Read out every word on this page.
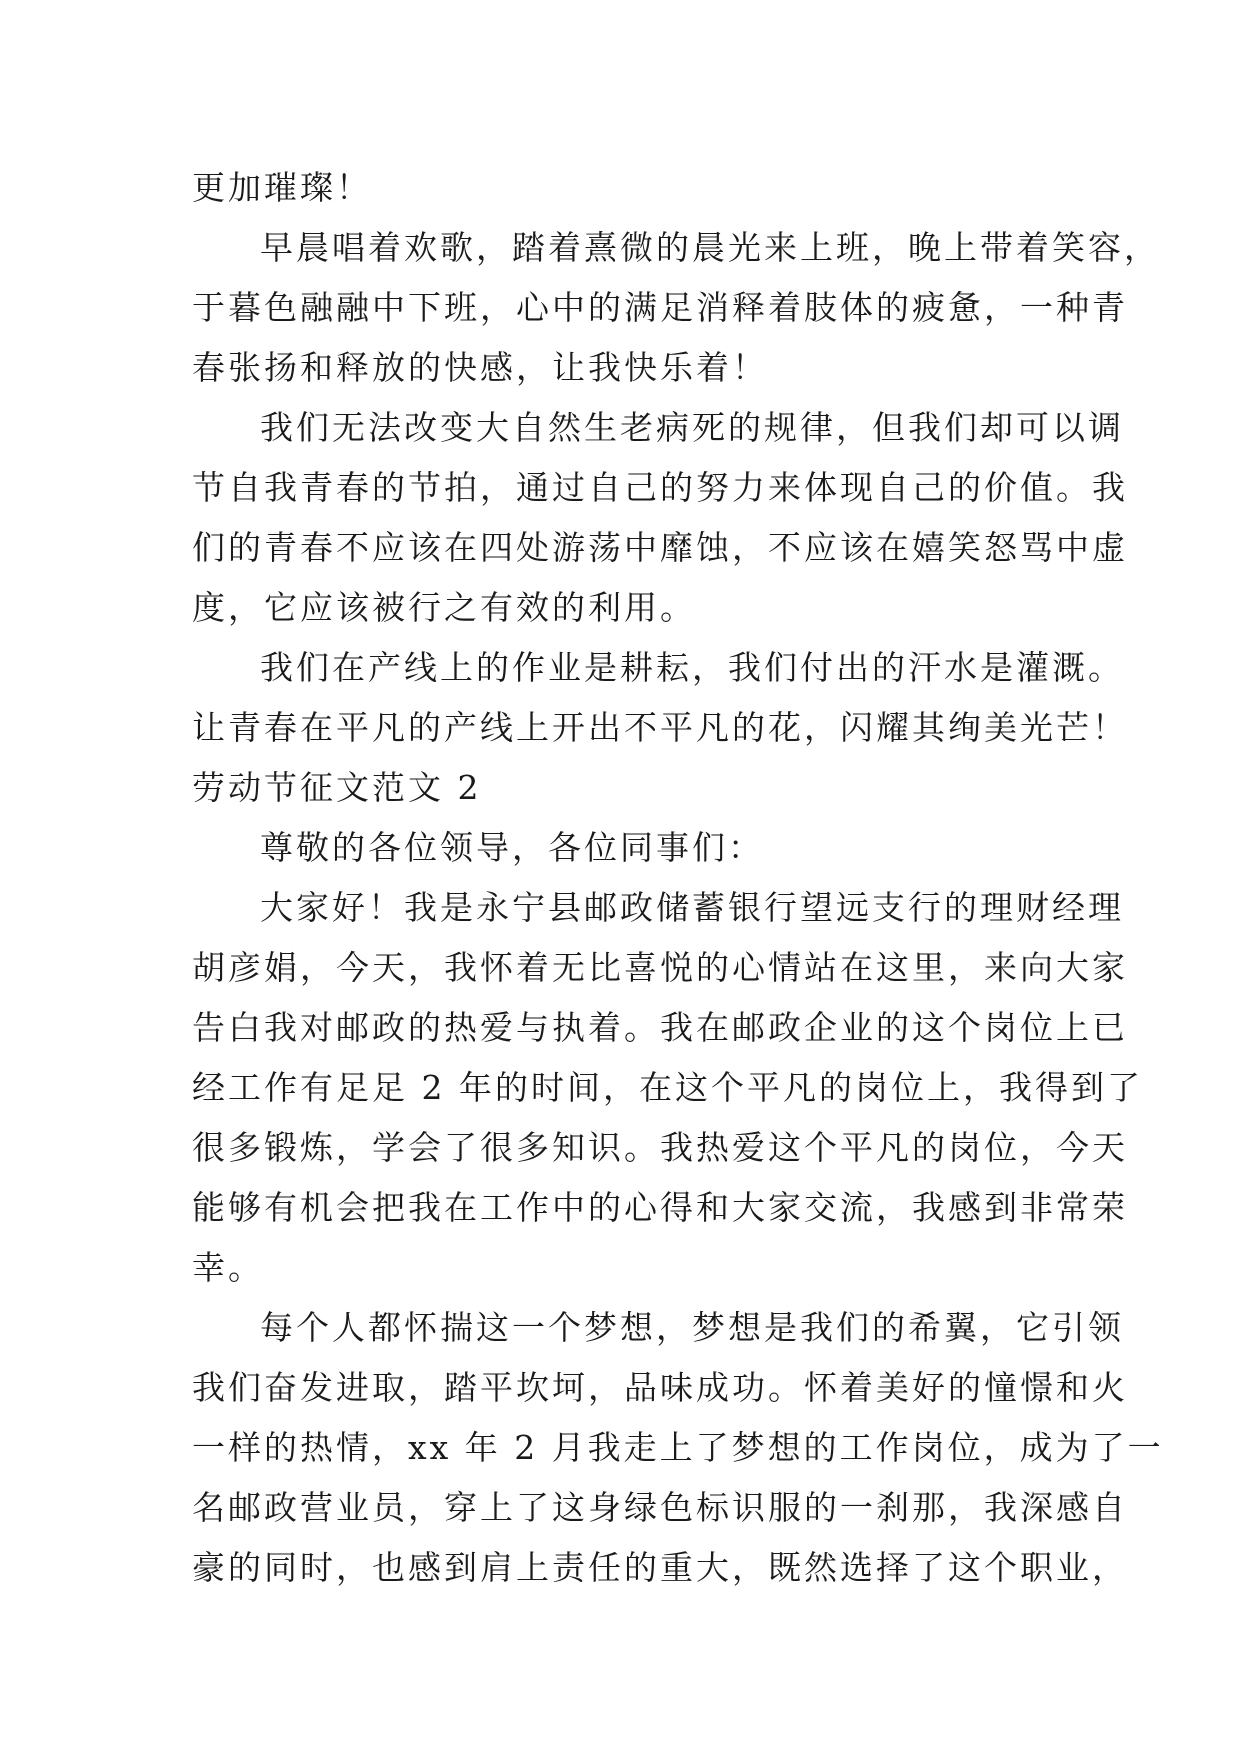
更加璀璨！
早晨唱着欢歌，踏着熹微的晨光来上班，晚上带着笑容，
于暮色融融中下班，心中的满足消释着肢体的疲惫，一种青
春张扬和释放的快感，让我快乐着！
我们无法改变大自然生老病死的规律，但我们却可以调
节自我青春的节拍，通过自己的努力来体现自己的价值。我
们的青春不应该在四处游荡中靡蚀，不应该在嬉笑怒骂中虚
度，它应该被行之有效的利用。
我们在产线上的作业是耕耘，我们付出的汗水是灌溉。
让青春在平凡的产线上开出不平凡的花，闪耀其绚美光芒！
劳动节征文范文 2
尊敬的各位领导，各位同事们：
大家好！我是永宁县邮政储蓄银行望远支行的理财经理
胡彦娟，今天，我怀着无比喜悦的心情站在这里，来向大家
告白我对邮政的热爱与执着。我在邮政企业的这个岗位上已
经工作有足足 2 年的时间，在这个平凡的岗位上，我得到了
很多锻炼，学会了很多知识。我热爱这个平凡的岗位，今天
能够有机会把我在工作中的心得和大家交流，我感到非常荣
幸。
每个人都怀揣这一个梦想，梦想是我们的希翼，它引领
我们奋发进取，踏平坎坷，品味成功。怀着美好的憧憬和火
一样的热情，xx 年 2 月我走上了梦想的工作岗位，成为了一
名邮政营业员，穿上了这身绿色标识服的一刹那，我深感自
豪的同时，也感到肩上责任的重大，既然选择了这个职业，
